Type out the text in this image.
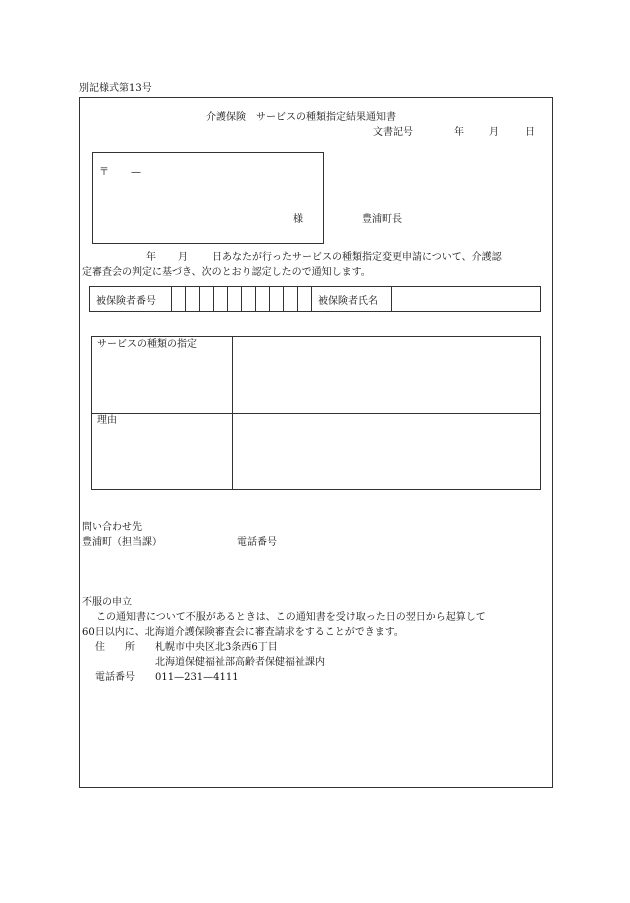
別記様式第13号
介護保険　サービスの種類指定結果通知書
文書記号	年	月	日
〒 —
様	豊浦町長
年 月 日あなたが行ったサービスの種類指定変更申請について、介護認
定審査会の判定に基づき、次のとおり認定したので通知します。
被保険者番号	被保険者氏名
サービスの種類の指定
理由
問い合わせ先
豊浦町（担当課）	電話番号
不服の申立
この通知書について不服があるときは、この通知書を受け取った日の翌日から起算して
60日以内に、北海道介護保険審査会に審査請求をすることができます。
住　　所 札幌市中央区北3条西6丁目
北海道保健福祉部高齢者保健福祉課内
電話番号 011—231—4111
